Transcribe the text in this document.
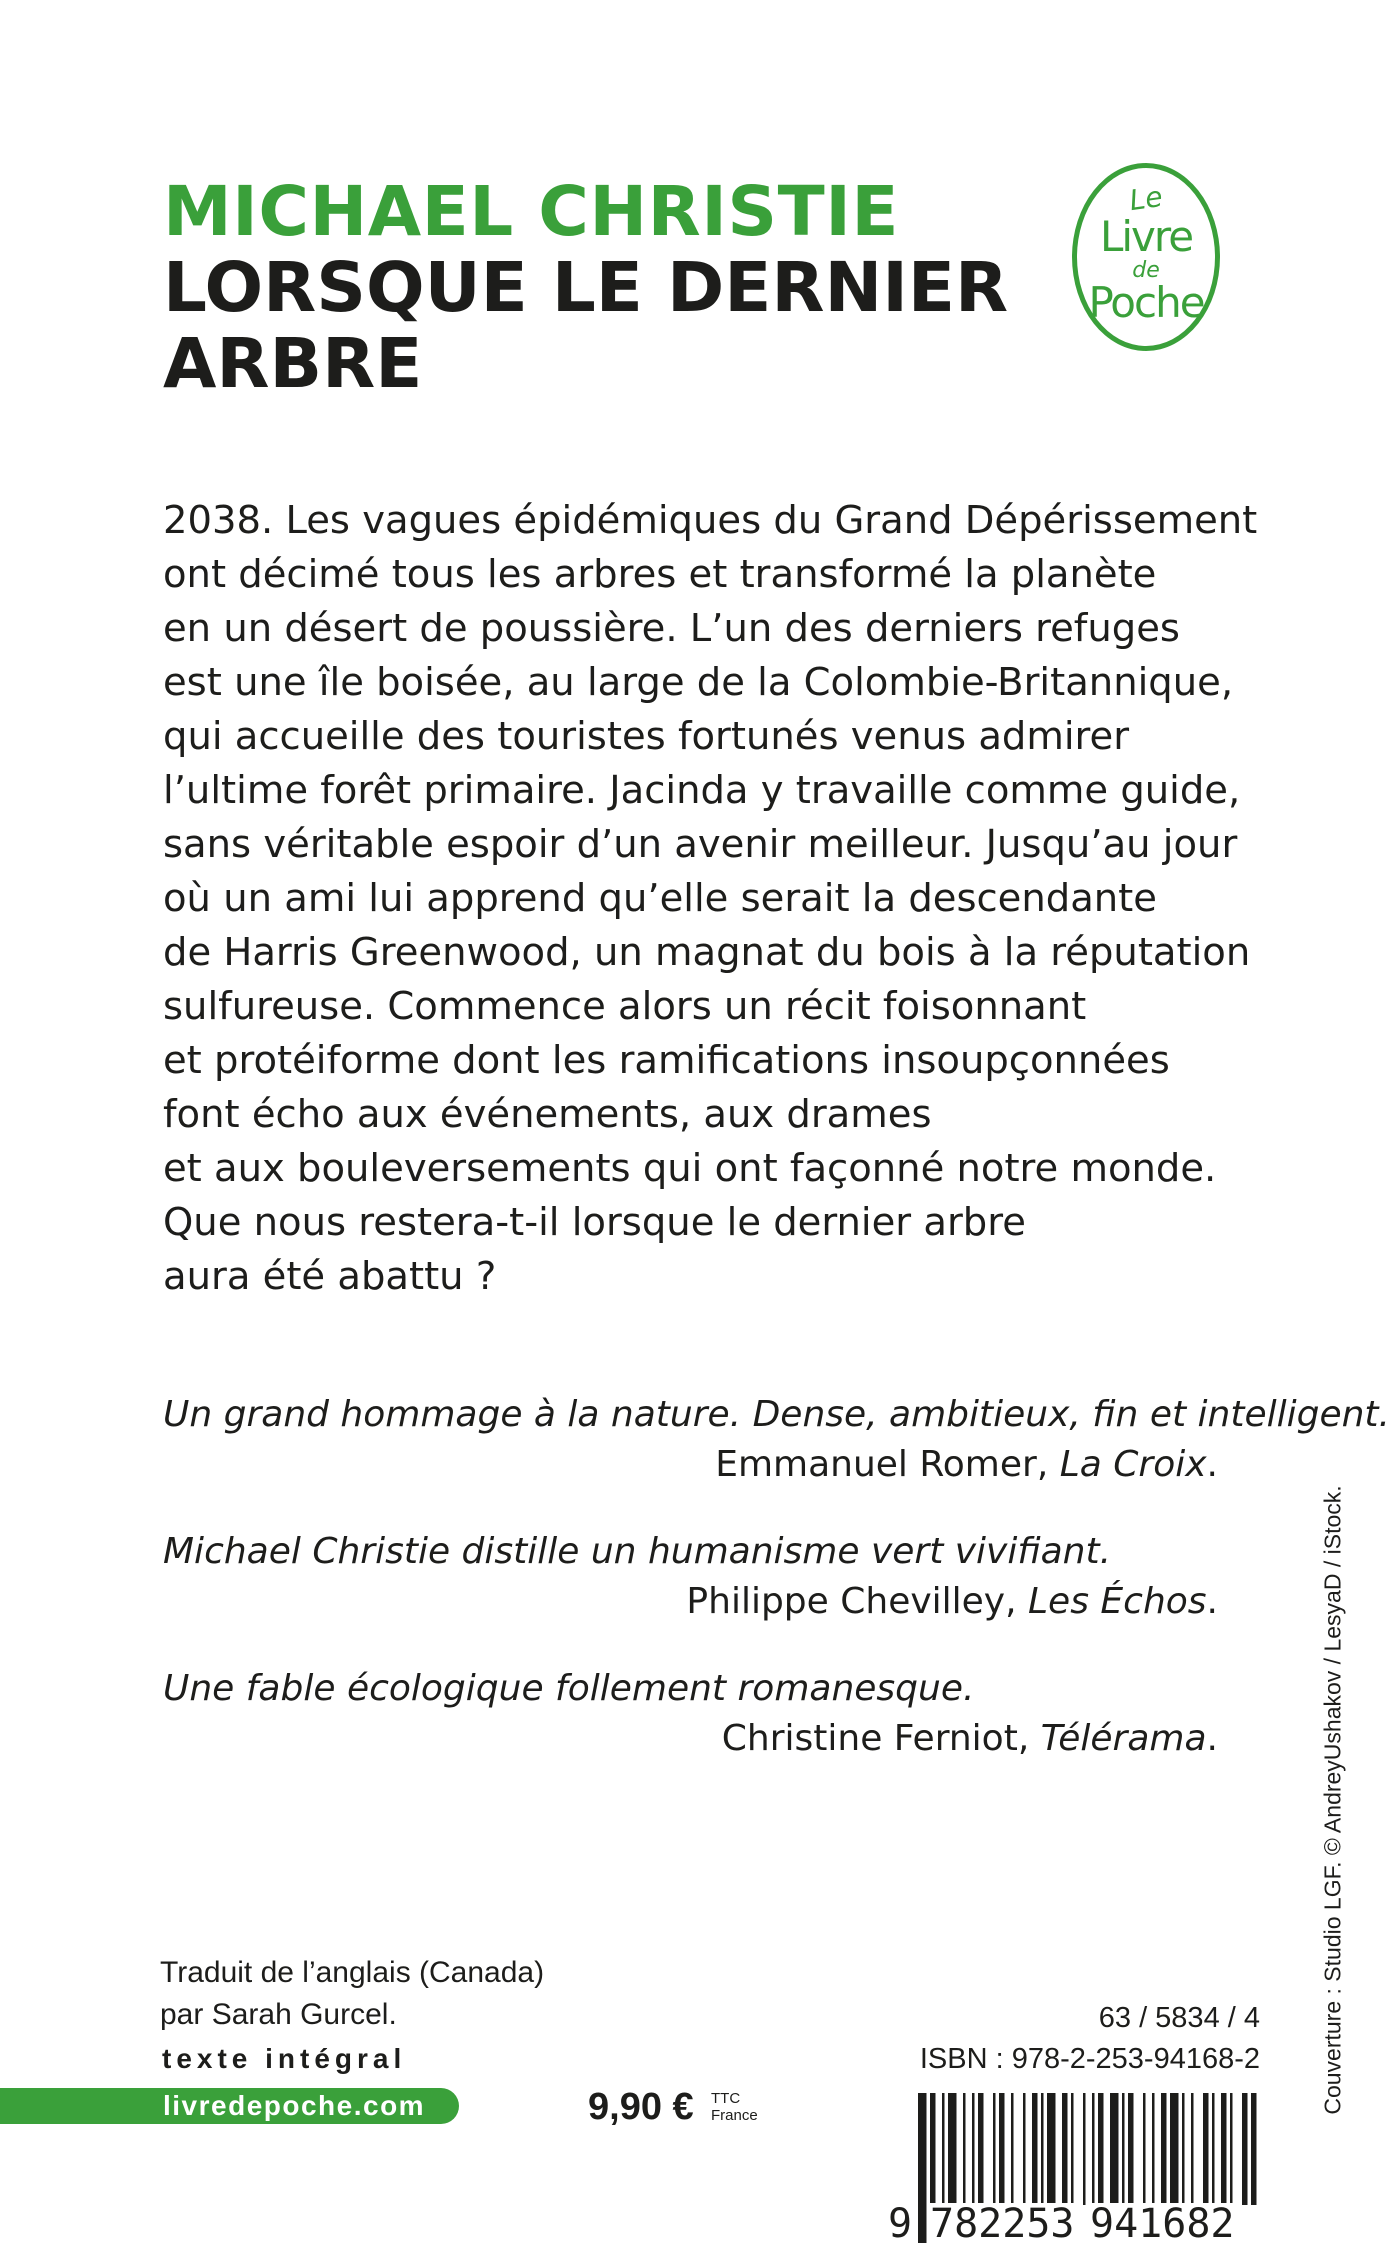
MICHAEL CHRISTIE
LORSQUE LE DERNIER
ARBRE
Le
Livre
de
Poche
2038. Les vagues épidémiques du Grand Dépérissement
ont décimé tous les arbres et transformé la planète
en un désert de poussière. L’un des derniers refuges
est une île boisée, au large de la Colombie-Britannique,
qui accueille des touristes fortunés venus admirer
l’ultime forêt primaire. Jacinda y travaille comme guide,
sans véritable espoir d’un avenir meilleur. Jusqu’au jour
où un ami lui apprend qu’elle serait la descendante
de Harris Greenwood, un magnat du bois à la réputation
sulfureuse. Commence alors un récit foisonnant
et protéiforme dont les ramifications insoupçonnées
font écho aux événements, aux drames
et aux bouleversements qui ont façonné notre monde.
Que nous restera-t-il lorsque le dernier arbre
aura été abattu ?
Un grand hommage à la nature. Dense, ambitieux, fin et intelligent.
Emmanuel Romer, La Croix.
Michael Christie distille un humanisme vert vivifiant.
Philippe Chevilley, Les Échos.
Une fable écologique follement romanesque.
Christine Ferniot, Télérama.	Couverture : Studio LGF. © AndreyUshakov / LesyaD / iStock.
Traduit de l’anglais (Canada)
par Sarah Gurcel.
texte intégral
livredepoche.com	9,90 € TTC
France
63 / 5834 / 4
ISBN : 978-2-253-94168-2
9 782253 941682
